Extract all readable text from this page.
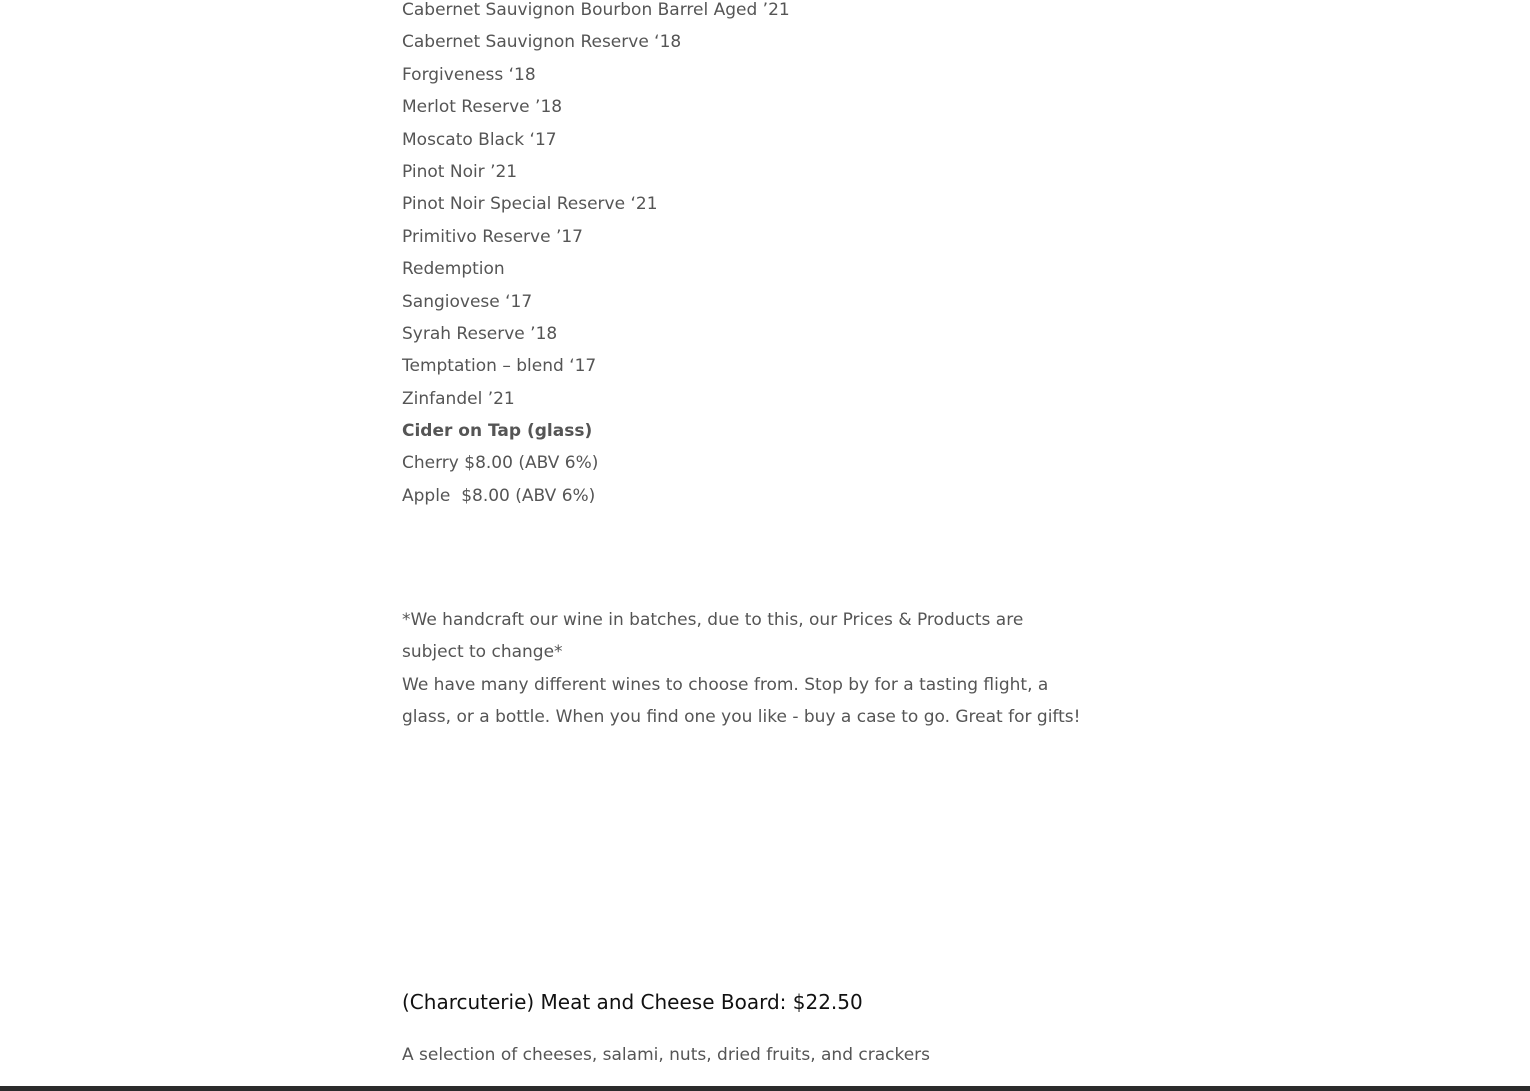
Cabernet Sauvignon Bourbon Barrel Aged ’21
Cabernet Sauvignon Reserve ‘18
Forgiveness ‘18
Merlot Reserve ’18
Moscato Black ‘17
Pinot Noir ’21
Pinot Noir Special Reserve ‘21
Primitivo Reserve ’17
Redemption
Sangiovese ‘17
Syrah Reserve ’18
Temptation – blend ‘17
Zinfandel ’21
Cider on Tap (glass)
Cherry $8.00 (ABV 6%)
Apple  $8.00 (ABV 6%)

*We handcraft our wine in batches, due to this, our Prices & Products are subject to change*

We have many different wines to choose from. Stop by for a tasting flight, a glass, or a bottle. When you find one you like - buy a case to go. Great for gifts!

(Charcuterie) Meat and Cheese Board: $22.50

A selection of cheeses, salami, nuts, dried fruits, and crackers
